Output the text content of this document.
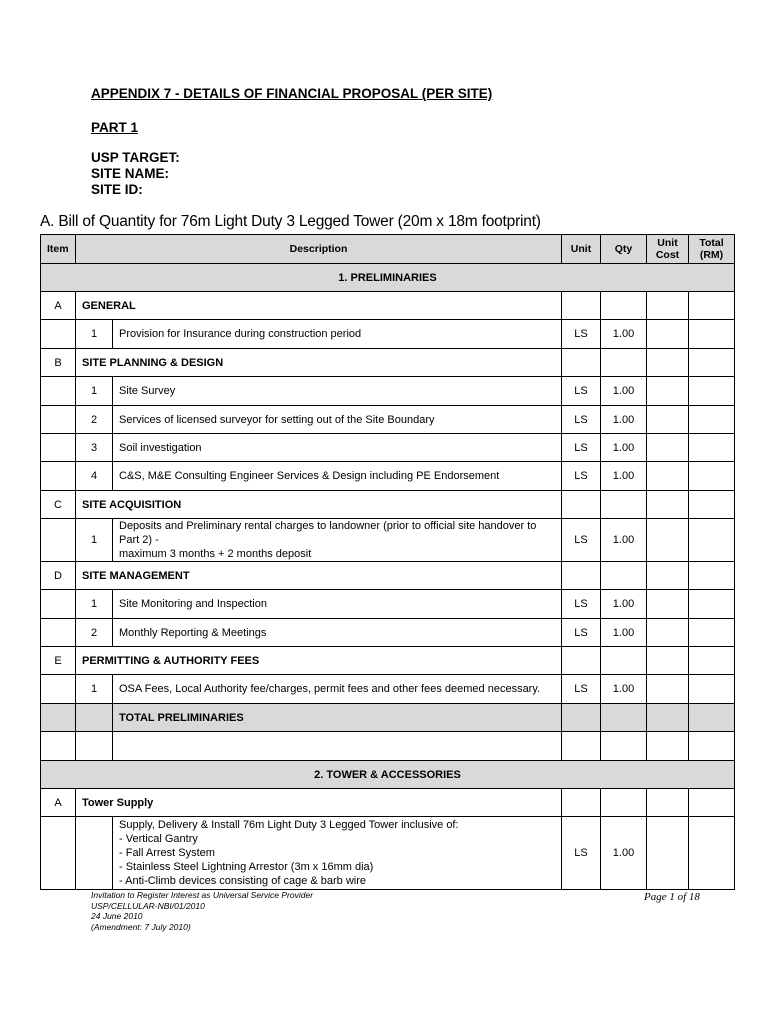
APPENDIX 7 - DETAILS OF FINANCIAL PROPOSAL (PER SITE)
PART 1
USP TARGET:
SITE NAME:
SITE ID:
A. Bill of Quantity for 76m Light Duty 3 Legged Tower (20m x 18m footprint)
Item	Description		Unit	Qty	Unit Cost	Total (RM)
1. PRELIMINARIES						
A	GENERAL					
	1	Provision for Insurance during construction period	LS	1.00		
B	SITE PLANNING & DESIGN					
	1	Site Survey	LS	1.00		
	2	Services of licensed surveyor for setting out of the Site Boundary	LS	1.00		
	3	Soil investigation	LS	1.00		
	4	C&S, M&E Consulting Engineer Services & Design including PE Endorsement	LS	1.00		
C	SITE ACQUISITION					
	1	Deposits and Preliminary rental charges to landowner (prior to official site handover to Part 2) -
maximum 3 months + 2 months deposit	LS	1.00		
D	SITE MANAGEMENT					
	1	Site Monitoring and Inspection	LS	1.00		
	2	Monthly Reporting & Meetings	LS	1.00		
E	PERMITTING & AUTHORITY FEES					
	1	OSA Fees, Local Authority fee/charges, permit fees and other fees deemed necessary.	LS	1.00		
		TOTAL PRELIMINARIES				

2. TOWER & ACCESSORIES						
A	Tower Supply					

		Supply, Delivery & Install 76m Light Duty 3 Legged Tower inclusive of:
- Vertical Gantry
- Fall Arrest System
- Stainless Steel Lightning Arrestor (3m x 16mm dia)
- Anti-Climb devices consisting of cage & barb wire	LS	1.00		
Invitation to Register Interest as Universal Service Provider
USP/CELLULAR-NBI/01/2010
24 June 2010
(Amendment: 7 July 2010)
Page 1 of 18
